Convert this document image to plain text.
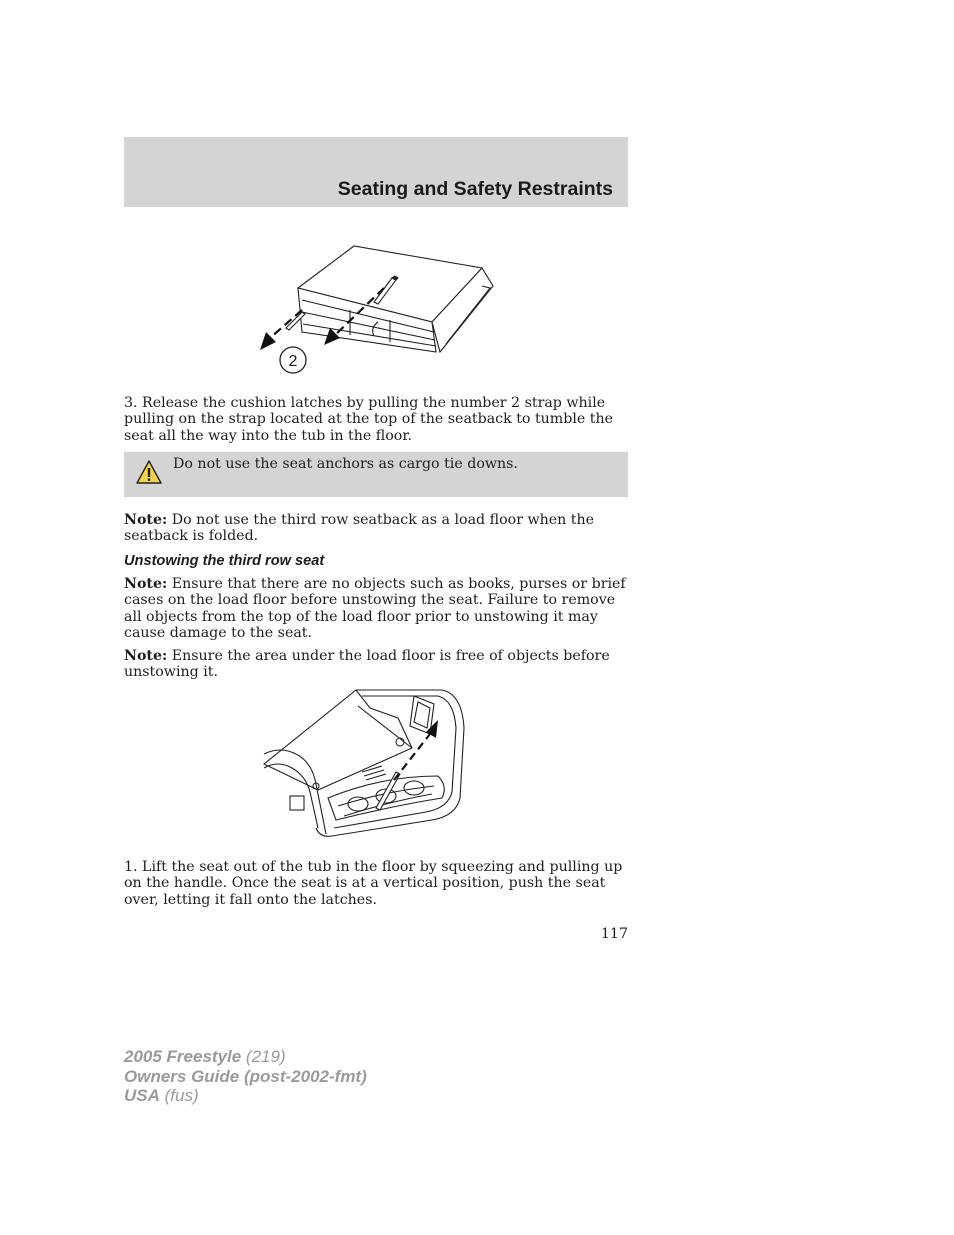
Seating and Safety Restraints
2
3. Release the cushion latches by pulling the number 2 strap while pulling on the strap located at the top of the seatback to tumble the seat all the way into the tub in the floor.
Do not use the seat anchors as cargo tie downs.
Note: Do not use the third row seatback as a load floor when the seatback is folded.
Unstowing the third row seat
Note: Ensure that there are no objects such as books, purses or brief cases on the load floor before unstowing the seat. Failure to remove all objects from the top of the load floor prior to unstowing it may cause damage to the seat.
Note: Ensure the area under the load floor is free of objects before unstowing it.
1. Lift the seat out of the tub in the floor by squeezing and pulling up on the handle. Once the seat is at a vertical position, push the seat over, letting it fall onto the latches.
117
2005 Freestyle (219)
Owners Guide (post-2002-fmt)
USA (fus)
